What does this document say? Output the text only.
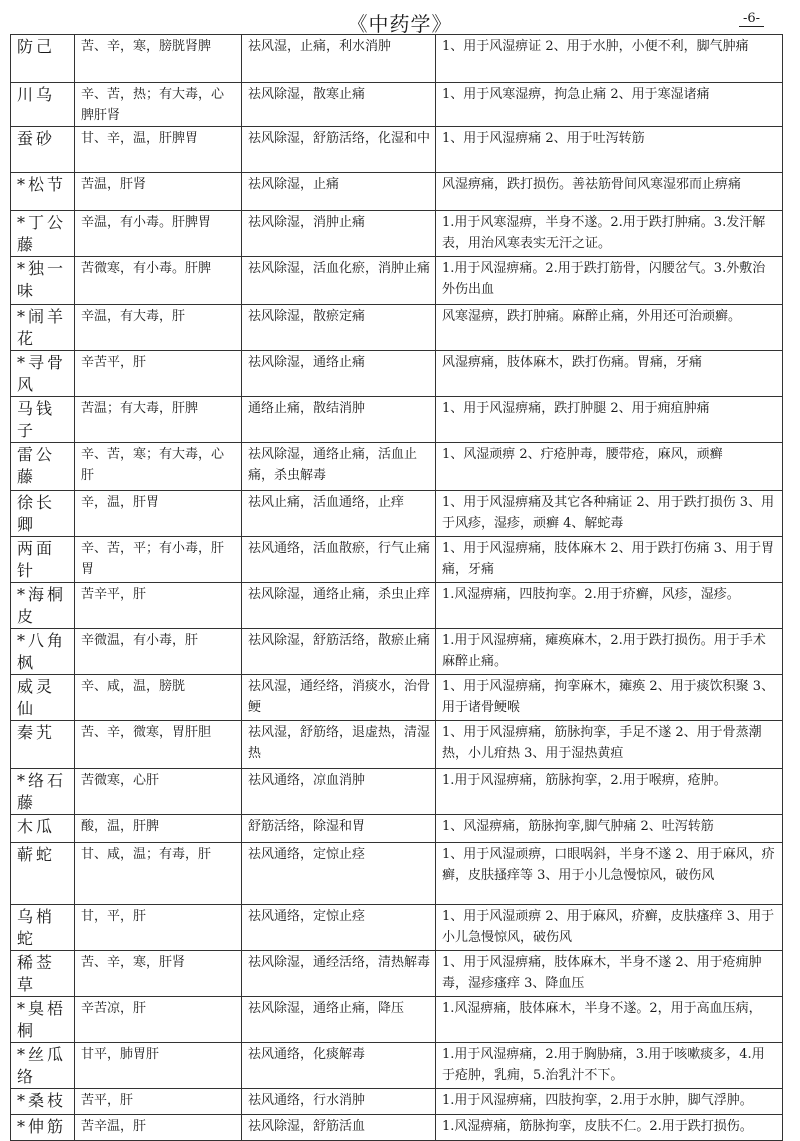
《中药学》	-6-
防己	苦、辛，寒，膀胱肾脾	祛风湿，止痛，利水消肿	1、用于风湿痹证 2、用于水肿，小便不利，脚气肿痛
川乌	辛、苦，热；有大毒，心脾肝肾	祛风除湿，散寒止痛	1、用于风寒湿痹，拘急止痛 2、用于寒湿诸痛
蚕砂	甘、辛，温，肝脾胃	祛风除湿，舒筋活络，化湿和中	1、用于风湿痹痛 2、用于吐泻转筋
*松节	苦温，肝肾	祛风除湿，止痛	风湿痹痛，跌打损伤。善祛筋骨间风寒湿邪而止痹痛
*丁公藤	辛温，有小毒。肝脾胃	祛风除湿，消肿止痛	1.用于风寒湿痹，半身不遂。2.用于跌打肿痛。3.发汗解表，用治风寒表实无汗之证。
*独一味	苦微寒，有小毒。肝脾	祛风除湿，活血化瘀，消肿止痛	1.用于风湿痹痛。2.用于跌打筋骨，闪腰岔气。3.外敷治外伤出血
*闹羊花	辛温，有大毒，肝	祛风除湿，散瘀定痛	风寒湿痹，跌打肿痛。麻醉止痛，外用还可治顽癣。
*寻骨风	辛苦平，肝	祛风除湿，通络止痛	风湿痹痛，肢体麻木，跌打伤痛。胃痛，牙痛
马钱子	苦温；有大毒，肝脾	通络止痛，散结消肿	1、用于风湿痹痛，跌打肿腿 2、用于痈疽肿痛
雷公藤	辛、苦，寒；有大毒，心肝	祛风除湿，通络止痛，活血止痛，杀虫解毒	1、风湿顽痹 2、疔疮肿毒，腰带疮，麻风，顽癣
徐长卿	辛，温，肝胃	祛风止痛，活血通络，止痒	1、用于风湿痹痛及其它各种痛证 2、用于跌打损伤 3、用于风疹，湿疹，顽癣 4、解蛇毒
两面针	辛、苦，平；有小毒，肝胃	祛风通络，活血散瘀，行气止痛	1、用于风湿痹痛，肢体麻木 2、用于跌打伤痛 3、用于胃痛，牙痛
*海桐皮	苦辛平，肝	祛风除湿，通络止痛，杀虫止痒	1.风湿痹痛，四肢拘挛。2.用于疥癣，风疹，湿疹。
*八角枫	辛微温，有小毒，肝	祛风除湿，舒筋活络，散瘀止痛	1.用于风湿痹痛，瘫痪麻木，2.用于跌打损伤。用于手术麻醉止痛。
威灵仙	辛、咸，温，膀胱	祛风湿，通经络，消痰水，治骨鲠	1、用于风湿痹痛，拘挛麻木，瘫痪 2、用于痰饮积聚 3、用于诸骨鲠喉
秦艽	苦、辛，微寒，胃肝胆	祛风湿，舒筋络，退虚热，清湿热	1、用于风湿痹痛，筋脉拘挛，手足不遂 2、用于骨蒸潮热，小儿疳热 3、用于湿热黄疸
*络石藤	苦微寒，心肝	祛风通络，凉血消肿	1.用于风湿痹痛，筋脉拘挛，2.用于喉痹，疮肿。
木瓜	酸，温，肝脾	舒筋活络，除湿和胃	1、风湿痹痛，筋脉拘挛,脚气肿痛 2、吐泻转筋
蕲蛇	甘、咸，温；有毒，肝	祛风通络，定惊止痉	1、用于风湿顽痹，口眼㖞斜，半身不遂 2、用于麻风，疥癣，皮肤搔痒等 3、用于小儿急慢惊风，破伤风
乌梢蛇	甘，平，肝	祛风通络，定惊止痉	1、用于风湿顽痹 2、用于麻风，疥癣，皮肤瘙痒 3、用于小儿急慢惊风，破伤风
稀莶草	苦、辛，寒，肝肾	祛风除湿，通经活络，清热解毒	1、用于风湿痹痛，肢体麻木，半身不遂 2、用于疮痈肿毒，湿疹瘙痒 3、降血压
*臭梧桐	辛苦凉，肝	祛风除湿，通络止痛，降压	1.风湿痹痛，肢体麻木，半身不遂。2，用于高血压病，
*丝瓜络	甘平，肺胃肝	祛风通络，化痰解毒	1.用于风湿痹痛，2.用于胸胁痛，3.用于咳嗽痰多，4.用于疮肿，乳痈，5.治乳汁不下。
*桑枝	苦平，肝	祛风通络，行水消肿	1.用于风湿痹痛，四肢拘挛，2.用于水肿，脚气浮肿。
*伸筋	苦辛温，肝	祛风除湿，舒筋活血	1.风湿痹痛，筋脉拘挛，皮肤不仁。2.用于跌打损伤。
